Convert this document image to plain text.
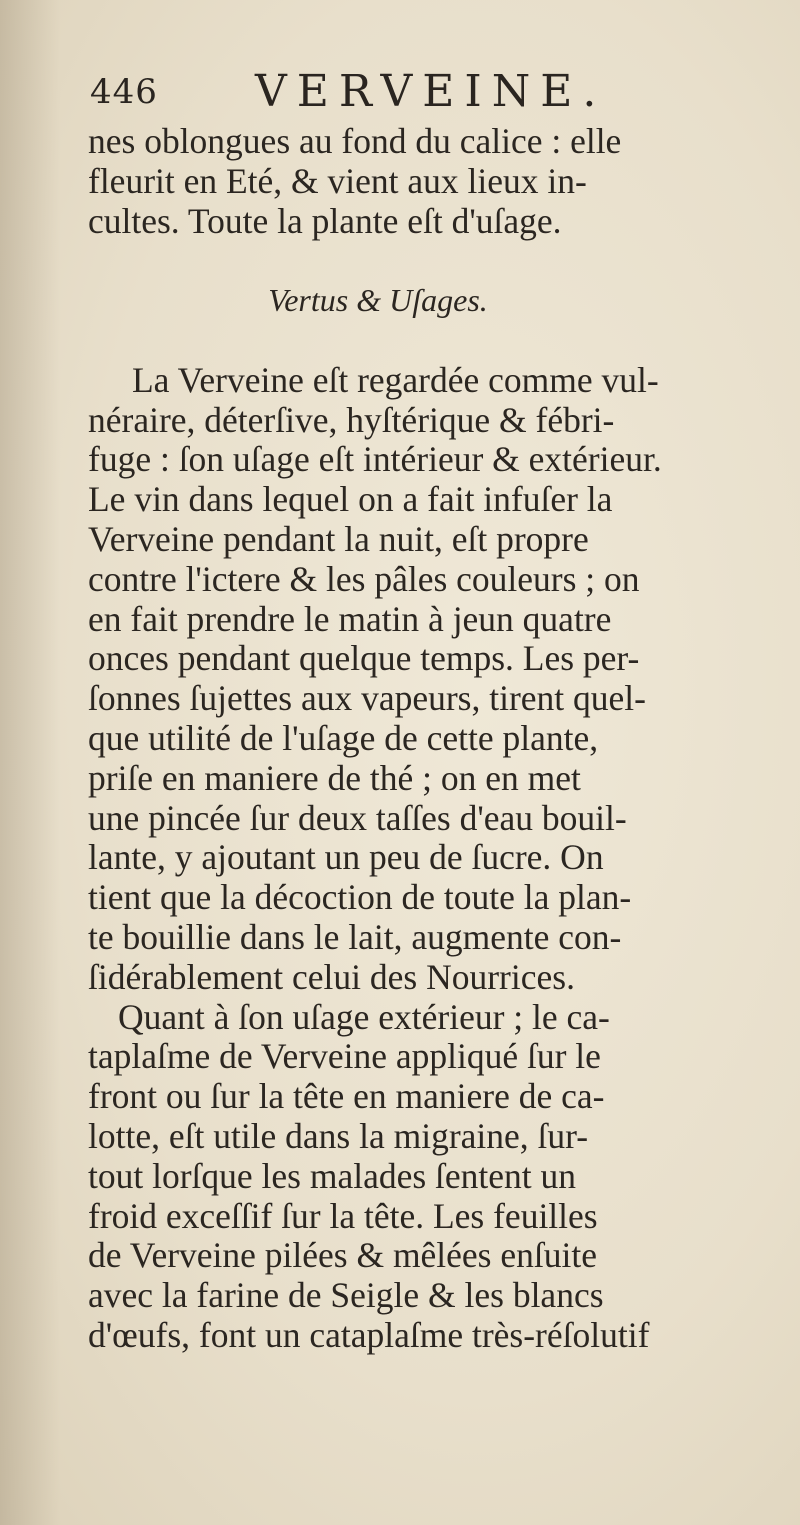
446 VERVEINE.
nes oblongues au fond du calice : elle
fleurit en Eté, & vient aux lieux in-
cultes. Toute la plante eſt d'uſage.
Vertus & Uſages.
La Verveine eſt regardée comme vul-
néraire, déterſive, hyſtérique & fébri-
fuge : ſon uſage eſt intérieur & extérieur.
Le vin dans lequel on a fait infuſer la
Verveine pendant la nuit, eſt propre
contre l'ictere & les pâles couleurs ; on
en fait prendre le matin à jeun quatre
onces pendant quelque temps. Les per-
ſonnes ſujettes aux vapeurs, tirent quel-
que utilité de l'uſage de cette plante,
priſe en maniere de thé ; on en met
une pincée ſur deux taſſes d'eau bouil-
lante, y ajoutant un peu de ſucre. On
tient que la décoction de toute la plan-
te bouillie dans le lait, augmente con-
ſidérablement celui des Nourrices.
Quant à ſon uſage extérieur ; le ca-
taplaſme de Verveine appliqué ſur le
front ou ſur la tête en maniere de ca-
lotte, eſt utile dans la migraine, ſur-
tout lorſque les malades ſentent un
froid exceſſif ſur la tête. Les feuilles
de Verveine pilées & mêlées enſuite
avec la farine de Seigle & les blancs
d'œufs, font un cataplaſme très-réſolutif
